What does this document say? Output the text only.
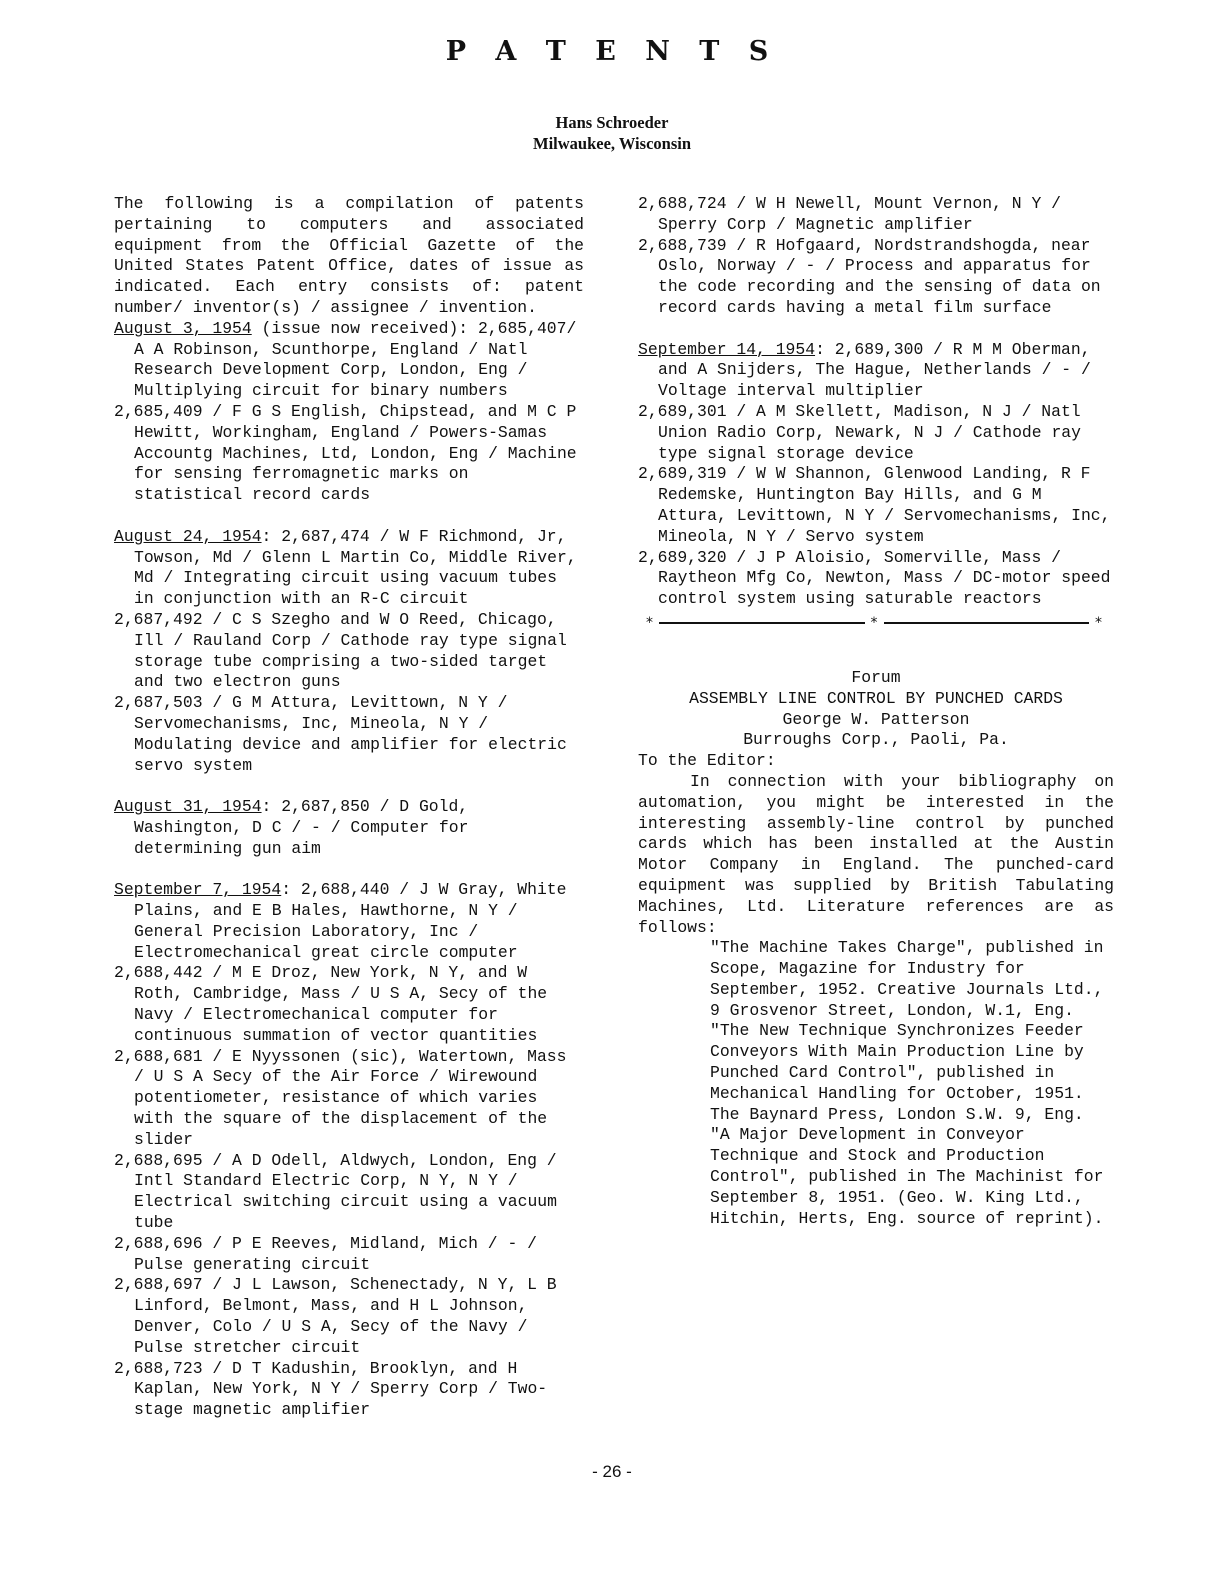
P A T E N T S
Hans Schroeder
Milwaukee, Wisconsin

The following is a compilation of patents pertaining to computers and associated equipment from the Official Gazette of the United States Patent Office, dates of issue as indicated. Each entry consists of: patent number/ inventor(s) / assignee / invention.

August 3, 1954 (issue now received): 2,685,407/ A A Robinson, Scunthorpe, England / Natl Research Development Corp, London, Eng / Multiplying circuit for binary numbers

2,685,409 / F G S English, Chipstead, and M C P Hewitt, Workingham, England / Powers-Samas Accountg Machines, Ltd, London, Eng / Machine for sensing ferromagnetic marks on statistical record cards

August 24, 1954: 2,687,474 / W F Richmond, Jr, Towson, Md / Glenn L Martin Co, Middle River, Md / Integrating circuit using vacuum tubes in conjunction with an R-C circuit

2,687,492 / C S Szegho and W O Reed, Chicago, Ill / Rauland Corp / Cathode ray type signal storage tube comprising a two-sided target and two electron guns

2,687,503 / G M Attura, Levittown, N Y / Servomechanisms, Inc, Mineola, N Y / Modulating device and amplifier for electric servo system

August 31, 1954: 2,687,850 / D Gold, Washington, D C / - / Computer for determining gun aim

September 7, 1954: 2,688,440 / J W Gray, White Plains, and E B Hales, Hawthorne, N Y / General Precision Laboratory, Inc / Electromechanical great circle computer

2,688,442 / M E Droz, New York, N Y, and W Roth, Cambridge, Mass / U S A, Secy of the Navy / Electromechanical computer for continuous summation of vector quantities

2,688,681 / E Nyyssonen (sic), Watertown, Mass / U S A Secy of the Air Force / Wirewound potentiometer, resistance of which varies with the square of the displacement of the slider

2,688,695 / A D Odell, Aldwych, London, Eng / Intl Standard Electric Corp, N Y, N Y / Electrical switching circuit using a vacuum tube

2,688,696 / P E Reeves, Midland, Mich / - / Pulse generating circuit

2,688,697 / J L Lawson, Schenectady, N Y, L B Linford, Belmont, Mass, and H L Johnson, Denver, Colo / U S A, Secy of the Navy / Pulse stretcher circuit

2,688,723 / D T Kadushin, Brooklyn, and H Kaplan, New York, N Y / Sperry Corp / Two-stage magnetic amplifier

2,688,724 / W H Newell, Mount Vernon, N Y / Sperry Corp / Magnetic amplifier

2,688,739 / R Hofgaard, Nordstrandshogda, near Oslo, Norway / - / Process and apparatus for the code recording and the sensing of data on record cards having a metal film surface

September 14, 1954: 2,689,300 / R M M Oberman, and A Snijders, The Hague, Netherlands / - / Voltage interval multiplier

2,689,301 / A M Skellett, Madison, N J / Natl Union Radio Corp, Newark, N J / Cathode ray type signal storage device

2,689,319 / W W Shannon, Glenwood Landing, R F Redemske, Huntington Bay Hills, and G M Attura, Levittown, N Y / Servomechanisms, Inc, Mineola, N Y / Servo system

2,689,320 / J P Aloisio, Somerville, Mass / Raytheon Mfg Co, Newton, Mass / DC-motor speed control system using saturable reactors

*	*	*

Forum

ASSEMBLY LINE CONTROL BY PUNCHED CARDS

George W. Patterson

Burroughs Corp., Paoli, Pa.

To the Editor:

In connection with your bibliography on automation, you might be interested in the interesting assembly-line control by punched cards which has been installed at the Austin Motor Company in England. The punched-card equipment was supplied by British Tabulating Machines, Ltd. Literature references are as follows:

"The Machine Takes Charge", published in Scope, Magazine for Industry for September, 1952. Creative Journals Ltd., 9 Grosvenor Street, London, W.1, Eng.

"The New Technique Synchronizes Feeder Conveyors With Main Production Line by Punched Card Control", published in Mechanical Handling for October, 1951. The Baynard Press, London S.W. 9, Eng.

"A Major Development in Conveyor Technique and Stock and Production Control", published in The Machinist for September 8, 1951. (Geo. W. King Ltd., Hitchin, Herts, Eng. source of reprint).

- 26 -
